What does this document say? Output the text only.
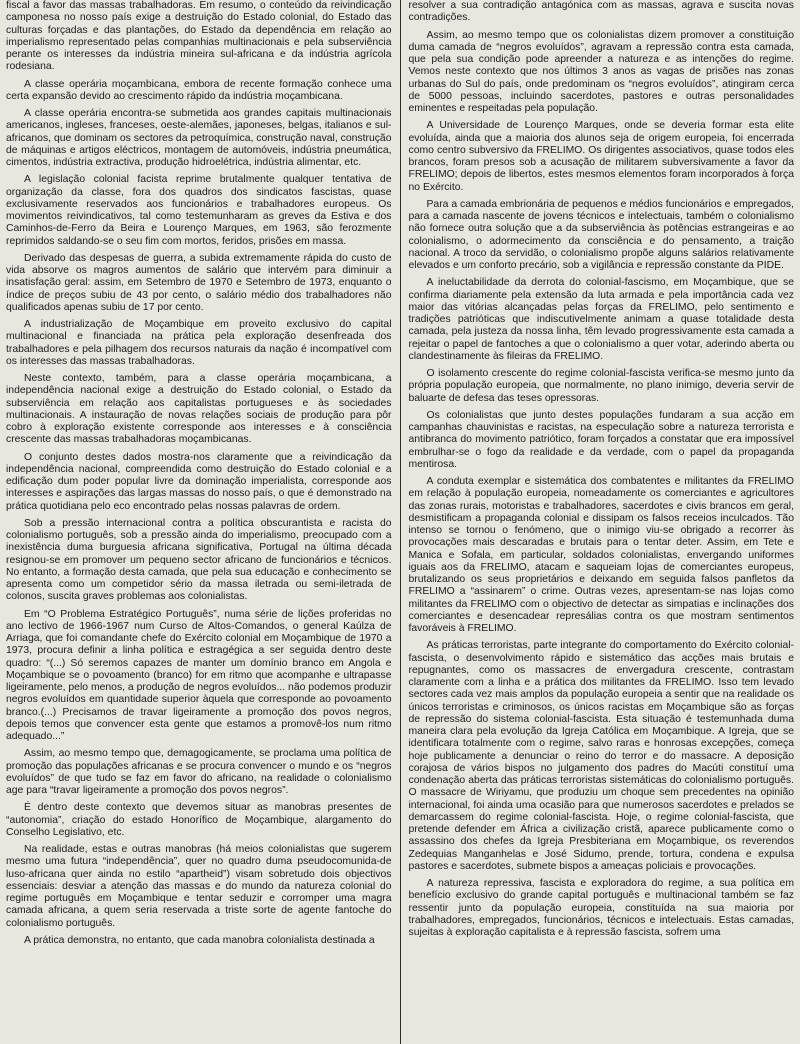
fiscal a favor das massas trabalhadoras. Em resumo, o conteúdo da reivindicação camponesa no nosso país exige a destruição do Estado colonial, do Estado das culturas forçadas e das plantações, do Estado da dependência em relação ao imperialismo representado pelas companhias multinacionais e pela subserviência perante os interesses da indústria mineira sul-africana e da indústria agrícola rodesiana.

A classe operária moçambicana, embora de recente formação conhece uma certa expansão devido ao crescimento rápido da indústria moçambicana.

A classe operária encontra-se submetida aos grandes capitais multinacionais americanos, ingleses, franceses, oeste-alemães, japoneses, belgas, italianos e sul-africanos, que dominam os sectores da petroquímica, construção naval, construção de máquinas e artigos eléctricos, montagem de automóveis, indústria pneumática, cimentos, indústria extractiva, produção hidroelétrica, indústria alimentar, etc.

A legislação colonial facista reprime brutalmente qualquer tentativa de organização da classe, fora dos quadros dos sindicatos fascistas, quase exclusivamente reservados aos funcionários e trabalhadores europeus. Os movimentos reivindicativos, tal como testemunharam as greves da Estiva e dos Caminhos-de-Ferro da Beira e Lourenço Marques, em 1963, são ferozmente reprimidos saldando-se o seu fim com mortos, feridos, prisões em massa.

Derivado das despesas de guerra, a subida extremamente rápida do custo de vida absorve os magros aumentos de salário que intervém para diminuir a insatisfação geral: assim, em Setembro de 1970 e Setembro de 1973, enquanto o índice de preços subiu de 43 por cento, o salário médio dos trabalhadores não qualificados apenas subiu de 17 por cento.

A industrialização de Moçambique em proveito exclusivo do capital multinacional e financiada na prática pela exploração desenfreada dos trabalhadores e pela pilhagem dos recursos naturais da nação é incompatível com os interesses das massas trabalhadoras.

Neste contexto, também, para a classe operária moçambicana, a independência nacional exige a destruição do Estado colonial, o Estado da subserviência em relação aos capitalistas portugueses e às sociedades multinacionais. A instauração de novas relações sociais de produção para pôr cobro à exploração existente corresponde aos interesses e à consciência crescente das massas trabalhadoras moçambicanas.

O conjunto destes dados mostra-nos claramente que a reivindicação da independência nacional, compreendida como destruição do Estado colonial e a edificação dum poder popular livre da dominação imperialista, corresponde aos interesses e aspirações das largas massas do nosso país, o que é demonstrado na prática quotidiana pelo eco encontrado pelas nossas palavras de ordem.

Sob a pressão internacional contra a política obscurantista e racista do colonialismo português, sob a pressão ainda do imperialismo, preocupado com a inexistência duma burguesia africana significativa, Portugal na última década resignou-se em promover um pequeno sector africano de funcionários e técnicos. No entanto, a formação desta camada, que pela sua educação e conhecimento se apresenta como um competidor sério da massa iletrada ou semi-iletrada de colonos, suscita graves problemas aos colonialistas.

Em “O Problema Estratégico Português”, numa série de lições proferidas no ano lectivo de 1966-1967 num Curso de Altos-Comandos, o general Kaúlza de Arriaga, que foi comandante chefe do Exército colonial em Moçambique de 1970 a 1973, procura definir a linha política e estragégica a ser seguida dentro deste quadro: “(...) Só seremos capazes de manter um domínio branco em Angola e Moçambique se o povoamento (branco) for em ritmo que acompanhe e ultrapasse ligeiramente, pelo menos, a produção de negros evoluídos... não podemos produzir negros evoluídos em quantidade superior àquela que corresponde ao povoamento branco.(...) Precisamos de travar ligeiramente a promoção dos povos negros, depois temos que convencer esta gente que estamos a promovê-los num ritmo adequado...”

Assim, ao mesmo tempo que, demagogicamente, se proclama uma política de promoção das populações africanas e se procura convencer o mundo e os “negros evoluídos” de que tudo se faz em favor do africano, na realidade o colonialismo age para “travar ligeiramente a promoção dos povos negros”.

É dentro deste contexto que devemos situar as manobras presentes de “autonomia”, criação do estado Honorífico de Moçambique, alargamento do Conselho Legislativo, etc.

Na realidade, estas e outras manobras (há meios colonialistas que sugerem mesmo uma futura “independência”, quer no quadro duma pseudocomunida-de luso-africana quer ainda no estilo “apartheid”) visam sobretudo dois objectivos essenciais: desviar a atenção das massas e do mundo da natureza colonial do regime português em Moçambique e tentar seduzir e corromper uma magra camada africana, a quem seria reservada a triste sorte de agente fantoche do colonialismo português.

A prática demonstra, no entanto, que cada manobra colonialista destinada a

resolver a sua contradição antagónica com as massas, agrava e suscita novas contradições.

Assim, ao mesmo tempo que os colonialistas dizem promover a constituição duma camada de “negros evoluídos”, agravam a repressão contra esta camada, que pela sua condição pode apreender a natureza e as intenções do regime. Vemos neste contexto que nos últimos 3 anos as vagas de prisões nas zonas urbanas do Sul do país, onde predominam os “negros evoluídos”, atingiram cerca de 5000 pessoas, incluindo sacerdotes, pastores e outras personalidades eminentes e respeitadas pela população.

A Universidade de Lourenço Marques, onde se deveria formar esta elite evoluída, ainda que a maioria dos alunos seja de origem europeia, foi encerrada como centro subversivo da FRELIMO. Os dirigentes associativos, quase todos eles brancos, foram presos sob a acusação de militarem subversivamente a favor da FRELIMO; depois de libertos, estes mesmos elementos foram incorporados à força no Exército.

Para a camada embrionária de pequenos e médios funcionários e empregados, para a camada nascente de jovens técnicos e intelectuais, também o colonialismo não fornece outra solução que a da subserviência às potências estrangeiras e ao colonialismo, o adormecimento da consciência e do pensamento, a traição nacional. A troco da servidão, o colonialismo propõe alguns salários relativamente elevados e um conforto precário, sob a vigilância e repressão constante da PIDE.

A ineluctabilidade da derrota do colonial-fascismo, em Moçambique, que se confirma diariamente pela extensão da luta armada e pela importância cada vez maior das vitórias alcançadas pelas forças da FRELIMO, pelo sentimento e tradições patrióticas que indiscutivelmente animam a quase totalidade desta camada, pela justeza da nossa linha, têm levado progressivamente esta camada a rejeitar o papel de fantoches a que o colonialismo a quer votar, aderindo aberta ou clandestinamente às fileiras da FRELIMO.

O isolamento crescente do regime colonial-fascista verifica-se mesmo junto da própria população europeia, que normalmente, no plano inimigo, deveria servir de baluarte de defesa das teses opressoras.

Os colonialistas que junto destes populações fundaram a sua acção em campanhas chauvinistas e racistas, na especulação sobre a natureza terrorista e antibranca do movimento patriótico, foram forçados a constatar que era impossível embrulhar-se o fogo da realidade e da verdade, com o papel da propaganda mentirosa.

A conduta exemplar e sistemática dos combatentes e militantes da FRELIMO em relação à população europeia, nomeadamente os comerciantes e agricultores das zonas rurais, motoristas e trabalhadores, sacerdotes e civis brancos em geral, desmistificam a propaganda colonial e dissipam os falsos receios inculcados. Tão intenso se tornou o fenómeno, que o inimigo viu-se obrigado a recorrer às provocações mais descaradas e brutais para o tentar deter. Assim, em Tete e Manica e Sofala, em particular, soldados colonialistas, envergando uniformes iguais aos da FRELIMO, atacam e saqueiam lojas de comerciantes europeus, brutalizando os seus proprietários e deixando em seguida falsos panfletos da FRELIMO a “assinarem” o crime. Outras vezes, apresentam-se nas lojas como militantes da FRELIMO com o objectivo de detectar as simpatias e inclinações dos comerciantes e desencadear represálias contra os que mostram sentimentos favoráveis à FRELIMO.

As práticas terroristas, parte integrante do comportamento do Exército colonial-fascista, o desenvolvimento rápido e sistemático das acções mais brutais e repugnantes, como os massacres de envergadura crescente, contrastam claramente com a linha e a prática dos militantes da FRELIMO. Isso tem levado sectores cada vez mais amplos da população europeia a sentir que na realidade os únicos terroristas e criminosos, os únicos racistas em Moçambique são as forças de repressão do sistema colonial-fascista. Esta situação é testemunhada duma maneira clara pela evolução da Igreja Católica em Moçambique. A Igreja, que se identificara totalmente com o regime, salvo raras e honrosas excepções, começa hoje publicamente a denunciar o reino do terror e do massacre. A deposição corajosa de vários bispos no julgamento dos padres do Macúti constituí uma condenação aberta das práticas terroristas sistemáticas do colonialismo português. O massacre de Wiriyamu, que produziu um choque sem precedentes na opinião internacional, foi ainda uma ocasião para que numerosos sacerdotes e prelados se demarcassem do regime colonial-fascista. Hoje, o regime colonial-fascista, que pretende defender em África a civilização cristã, aparece publicamente como o assassino dos chefes da Igreja Presbiteriana em Moçambique, os reverendos Zedequias Manganhelas e José Sidumo, prende, tortura, condena e expulsa pastores e sacerdotes, submete bispos a ameaças policiais e provocações.

A natureza repressiva, fascista e exploradora do regime, a sua política em benefício exclusivo do grande capital português e multinacional também se faz ressentir junto da população europeia, constituída na sua maioria por trabalhadores, empregados, funcionários, técnicos e intelectuais. Estas camadas, sujeitas à exploração capitalista e à repressão fascista, sofrem uma
